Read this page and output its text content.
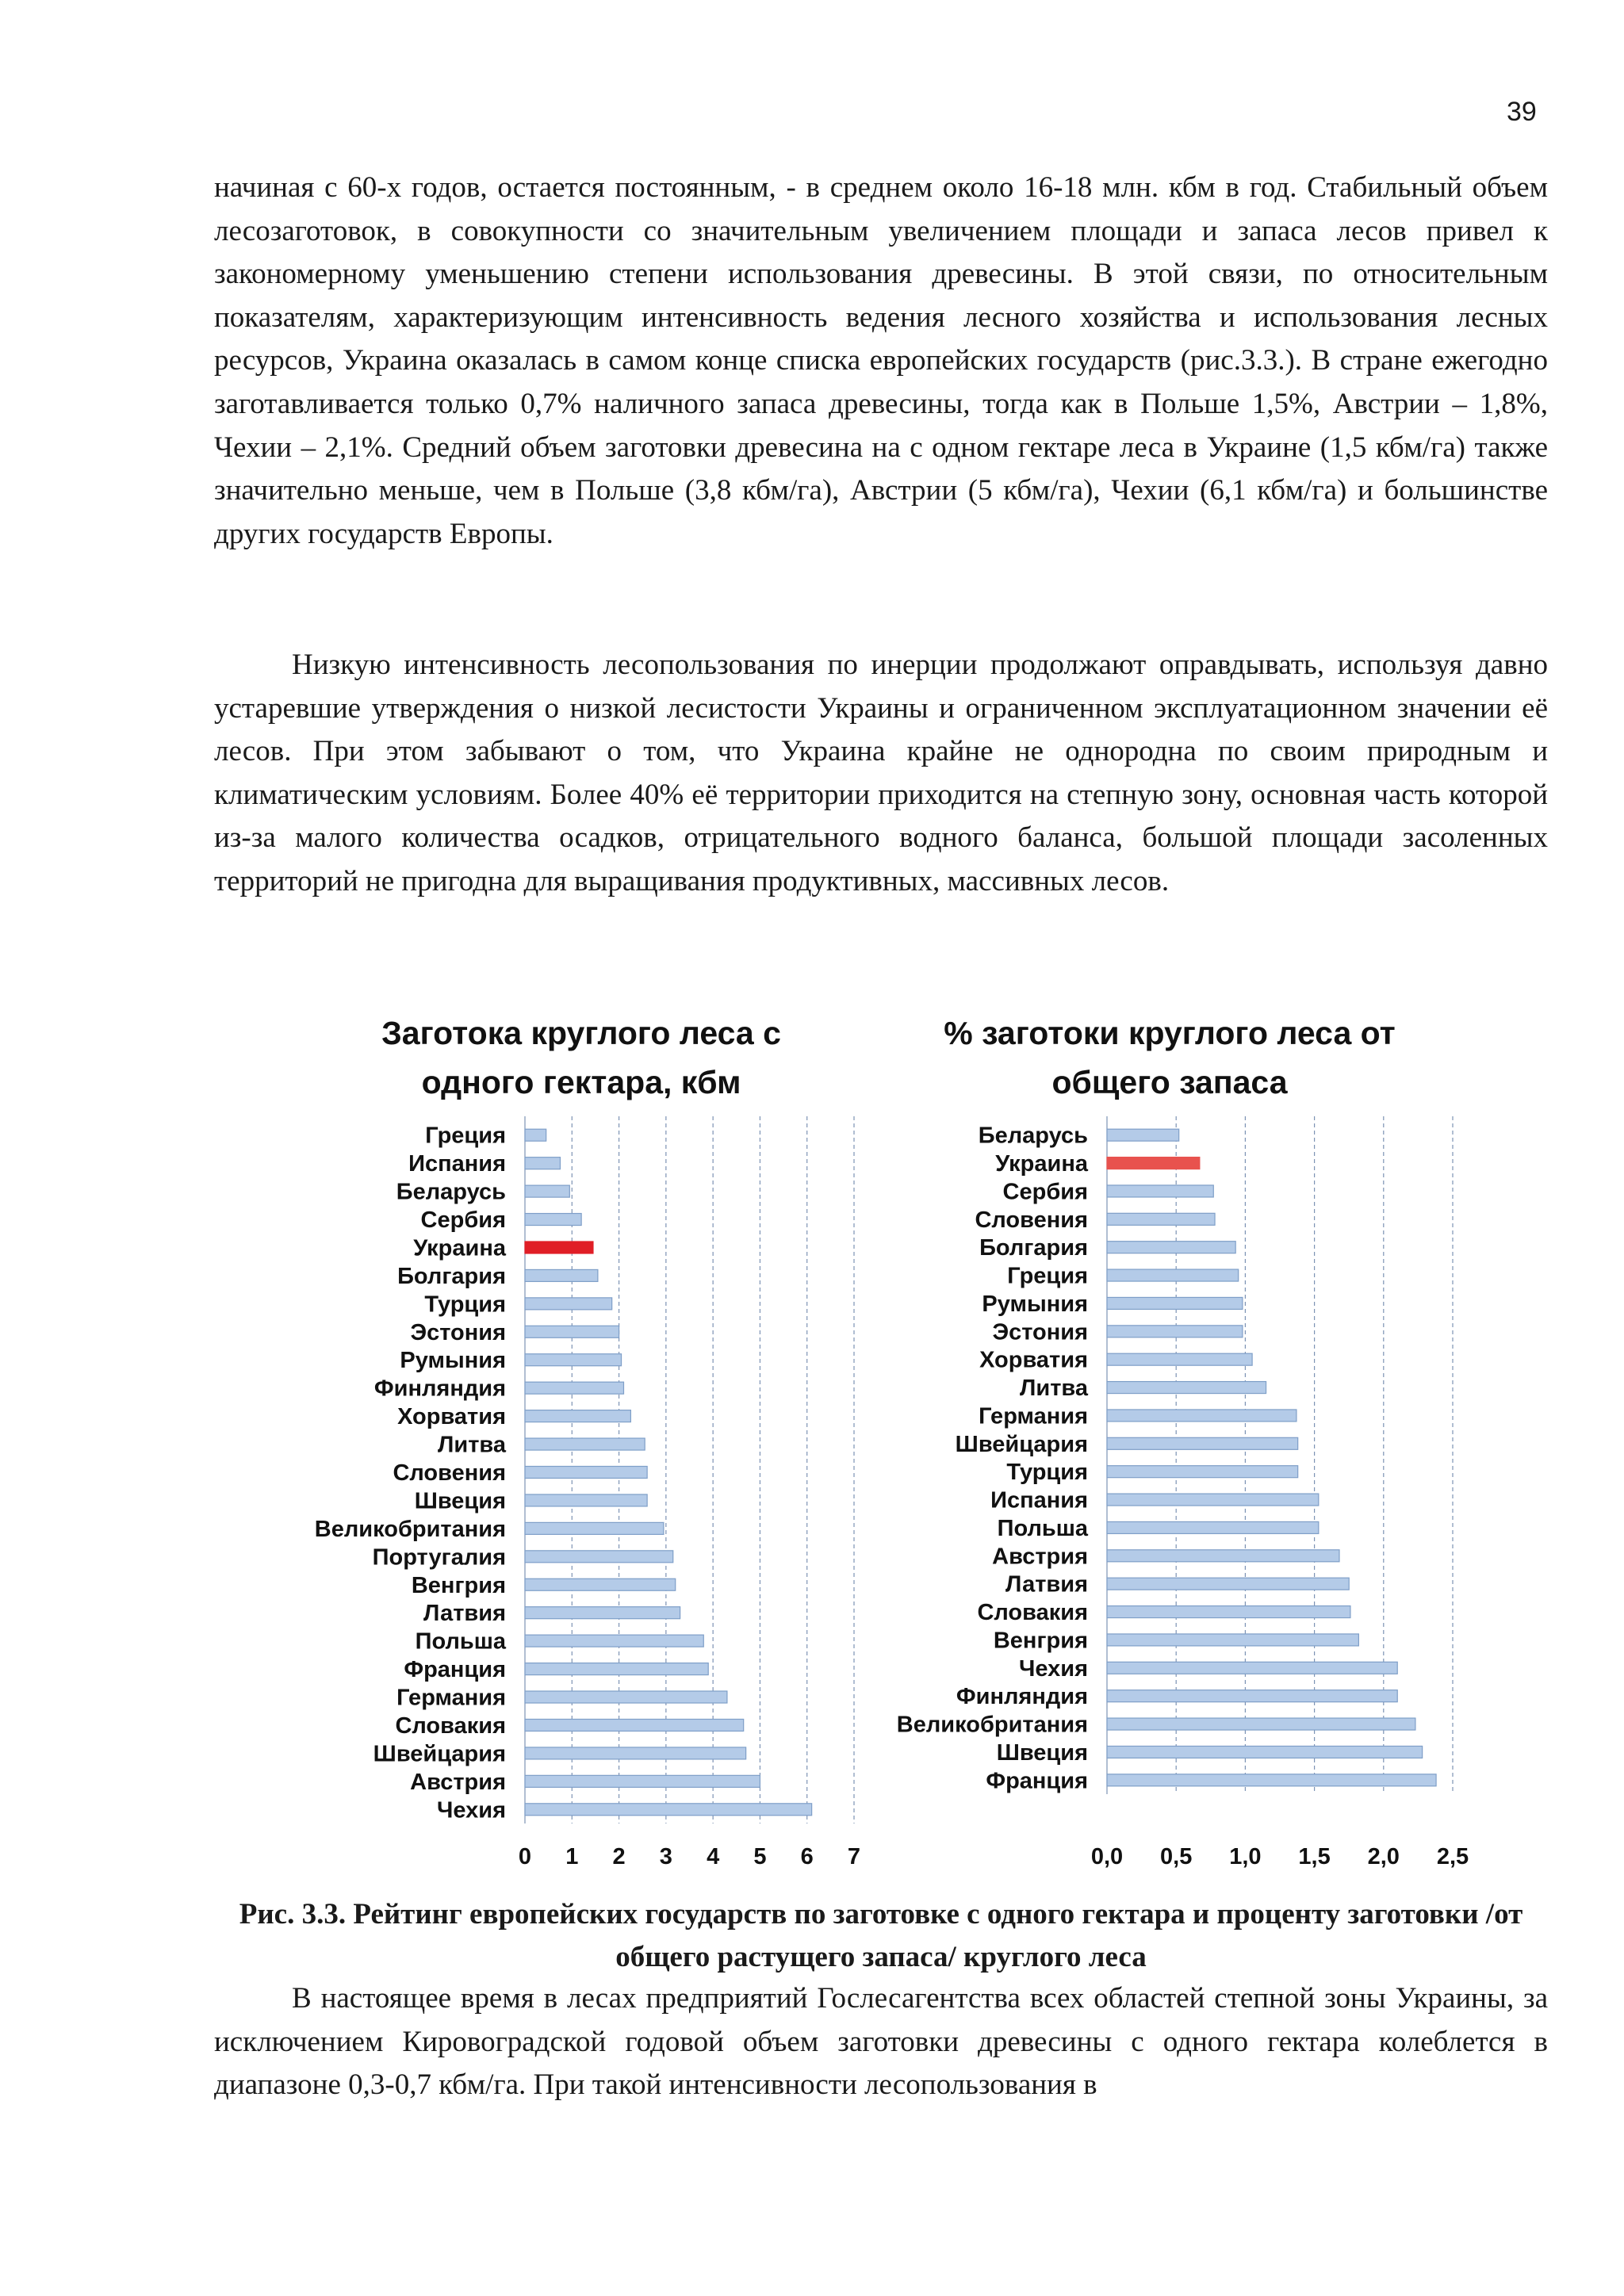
39

начиная с 60-х годов, остается постоянным, - в среднем около 16-18 млн. кбм в год. Стабильный объем лесозаготовок, в совокупности со значительным увеличением площади и запаса лесов привел к закономерному уменьшению степени использования древесины. В этой связи, по относительным показателям, характеризующим интенсивность ведения лесного хозяйства и использования лесных ресурсов, Украина оказалась в самом конце списка европейских государств (рис.3.3.). В стране ежегодно заготавливается только 0,7% наличного запаса древесины, тогда как в Польше 1,5%, Австрии – 1,8%, Чехии – 2,1%. Средний объем заготовки древесина на с одном гектаре леса в Украине (1,5 кбм/га) также значительно меньше, чем в Польше (3,8 кбм/га), Австрии (5 кбм/га), Чехии (6,1 кбм/га) и большинстве других государств Европы.

Низкую интенсивность лесопользования по инерции продолжают оправдывать, используя давно устаревшие утверждения о низкой лесистости Украины и ограниченном эксплуатационном значении её лесов. При этом забывают о том, что Украина крайне не однородна по своим природным и климатическим условиям. Более 40% её территории приходится на степную зону, основная часть которой из-за малого количества осадков, отрицательного водного баланса, большой площади засоленных территорий не пригодна для выращивания продуктивных, массивных лесов.

Заготока круглого леса с
одного гектара, кбм
Греция
Испания
Беларусь
Сербия
Украина
Болгария
Турция
Эстония
Румыния
Финляндия
Хорватия
Литва
Словения
Швеция
Великобритания
Португалия
Венгрия
Латвия
Польша
Франция
Германия
Словакия
Швейцария
Австрия
Чехия
0 1 2 3 4 5 6 7
% заготоки круглого леса от
общего запаса
Беларусь
Украина
Сербия
Словения
Болгария
Греция
Румыния
Эстония
Хорватия
Литва
Германия
Швейцария
Турция
Испания
Польша
Австрия
Латвия
Словакия
Венгрия
Чехия
Финляндия
Великобритания
Швеция
Франция
0,0 0,5 1,0 1,5 2,0 2,5

Рис. 3.3. Рейтинг европейских государств по заготовке с одного гектара и проценту заготовки /от общего растущего запаса/ круглого леса

В настоящее время в лесах предприятий Гослесагентства всех областей степной зоны Украины, за исключением Кировоградской годовой объем заготовки древесины с одного гектара колеблется в диапазоне 0,3-0,7 кбм/га. При такой интенсивности лесопользования в
